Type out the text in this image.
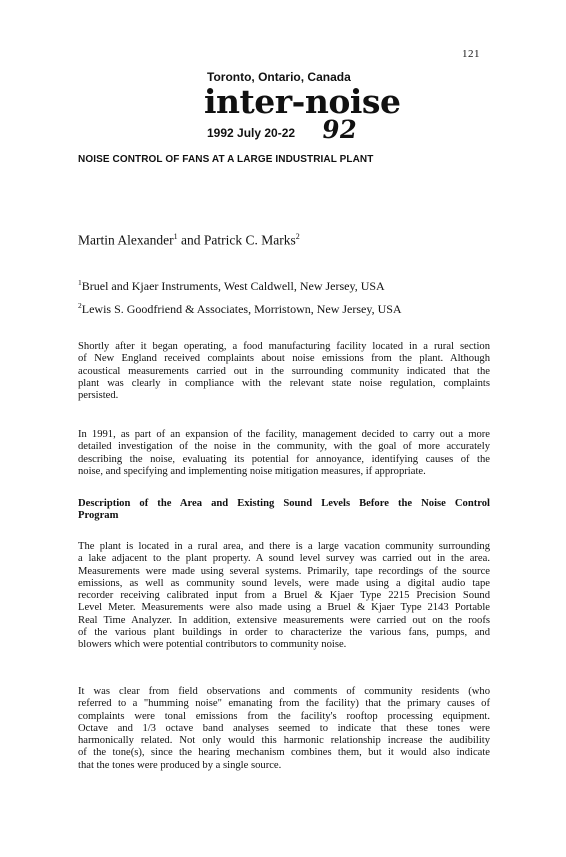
121
Toronto, Ontario, Canada
inter-noise
1992 July 20-22 92
NOISE CONTROL OF FANS AT A LARGE INDUSTRIAL PLANT
Martin Alexander$^1$ and Patrick C. Marks$^2$
$^1$Bruel and Kjaer Instruments, West Caldwell, New Jersey, USA
$^2$Lewis S. Goodfriend & Associates, Morristown, New Jersey, USA
Shortly after it began operating, a food manufacturing facility located in a rural section
of New England received complaints about noise emissions from the plant. Although
acoustical measurements carried out in the surrounding community indicated that the
plant was clearly in compliance with the relevant state noise regulation, complaints
persisted.
In 1991, as part of an expansion of the facility, management decided to carry out a more
detailed investigation of the noise in the community, with the goal of more accurately
describing the noise, evaluating its potential for annoyance, identifying causes of the
noise, and specifying and implementing noise mitigation measures, if appropriate.
Description of the Area and Existing Sound Levels Before the Noise Control
Program
The plant is located in a rural area, and there is a large vacation community surrounding
a lake adjacent to the plant property. A sound level survey was carried out in the area.
Measurements were made using several systems. Primarily, tape recordings of the source
emissions, as well as community sound levels, were made using a digital audio tape
recorder receiving calibrated input from a Bruel & Kjaer Type 2215 Precision Sound
Level Meter. Measurements were also made using a Bruel & Kjaer Type 2143 Portable
Real Time Analyzer. In addition, extensive measurements were carried out on the roofs
of the various plant buildings in order to characterize the various fans, pumps, and
blowers which were potential contributors to community noise.
It was clear from field observations and comments of community residents (who
referred to a "humming noise" emanating from the facility) that the primary causes of
complaints were tonal emissions from the facility's rooftop processing equipment.
Octave and 1/3 octave band analyses seemed to indicate that these tones were
harmonically related. Not only would this harmonic relationship increase the audibility
of the tone(s), since the hearing mechanism combines them, but it would also indicate
that the tones were produced by a single source.
